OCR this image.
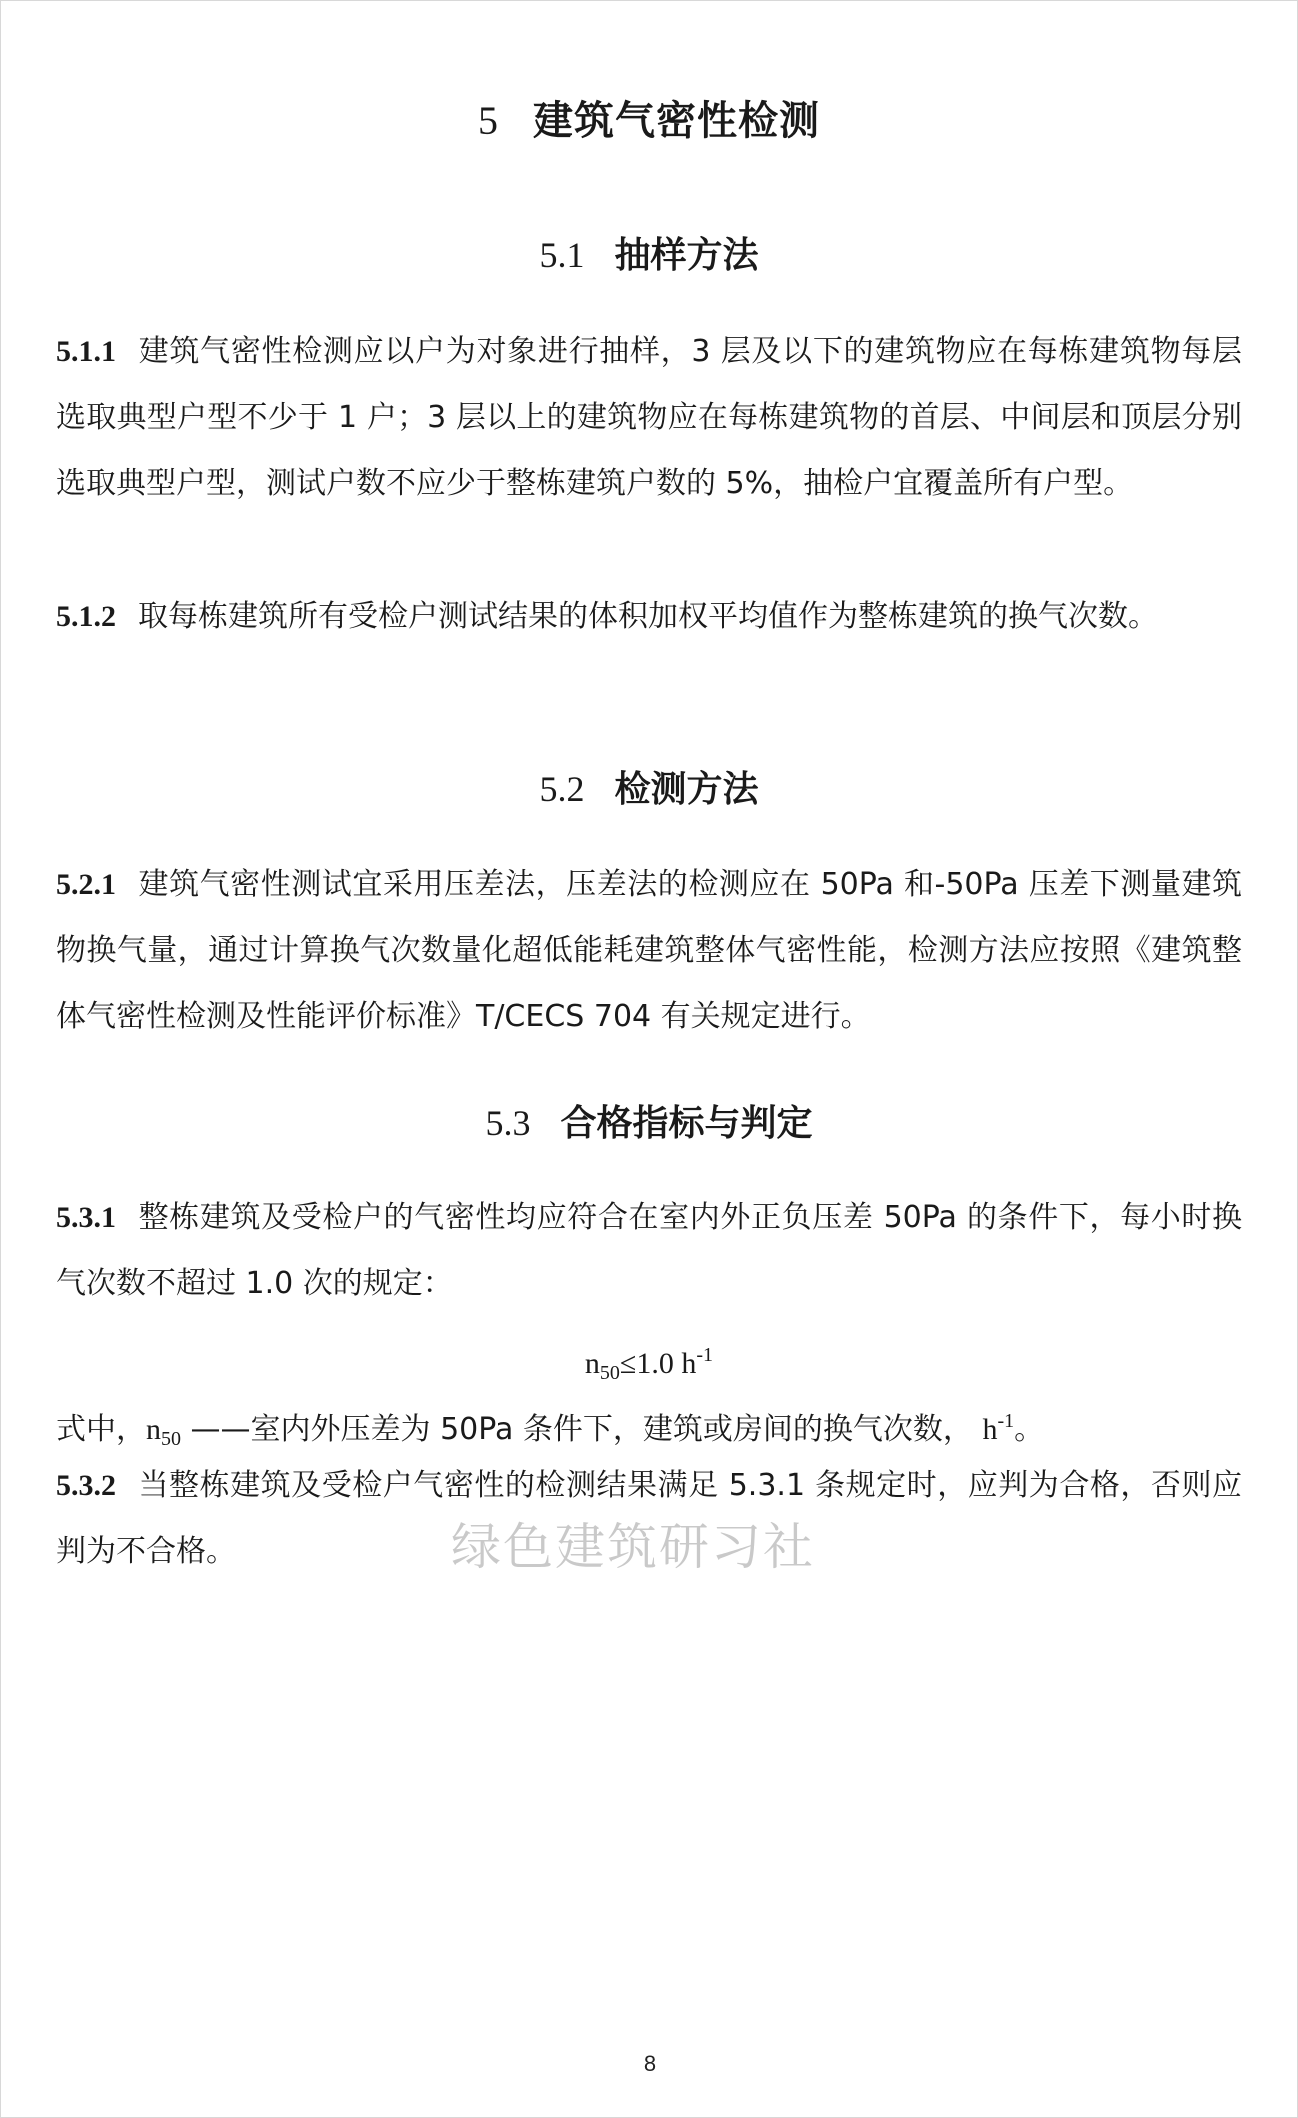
5 建筑气密性检测
5.1 抽样方法
5.1.1 建筑气密性检测应以户为对象进行抽样，3 层及以下的建筑物应在每栋建筑物每层选取典型户型不少于 1 户；3 层以上的建筑物应在每栋建筑物的首层、中间层和顶层分别选取典型户型，测试户数不应少于整栋建筑户数的 5%，抽检户宜覆盖所有户型。
5.1.2 取每栋建筑所有受检户测试结果的体积加权平均值作为整栋建筑的换气次数。
5.2 检测方法
5.2.1 建筑气密性测试宜采用压差法，压差法的检测应在 50Pa 和-50Pa 压差下测量建筑物换气量，通过计算换气次数量化超低能耗建筑整体气密性能，检测方法应按照《建筑整体气密性检测及性能评价标准》T/CECS 704 有关规定进行。
5.3 合格指标与判定
5.3.1 整栋建筑及受检户的气密性均应符合在室内外正负压差 50Pa 的条件下，每小时换气次数不超过 1.0 次的规定：
$n_{50}\le 1.0$ $h^{-1}$
式中，$n_{50}$ ——室内外压差为 50Pa 条件下，建筑或房间的换气次数， $h^{-1}$。
5.3.2 当整栋建筑及受检户气密性的检测结果满足 5.3.1 条规定时，应判为合格，否则应判为不合格。	绿色建筑研习社
8
